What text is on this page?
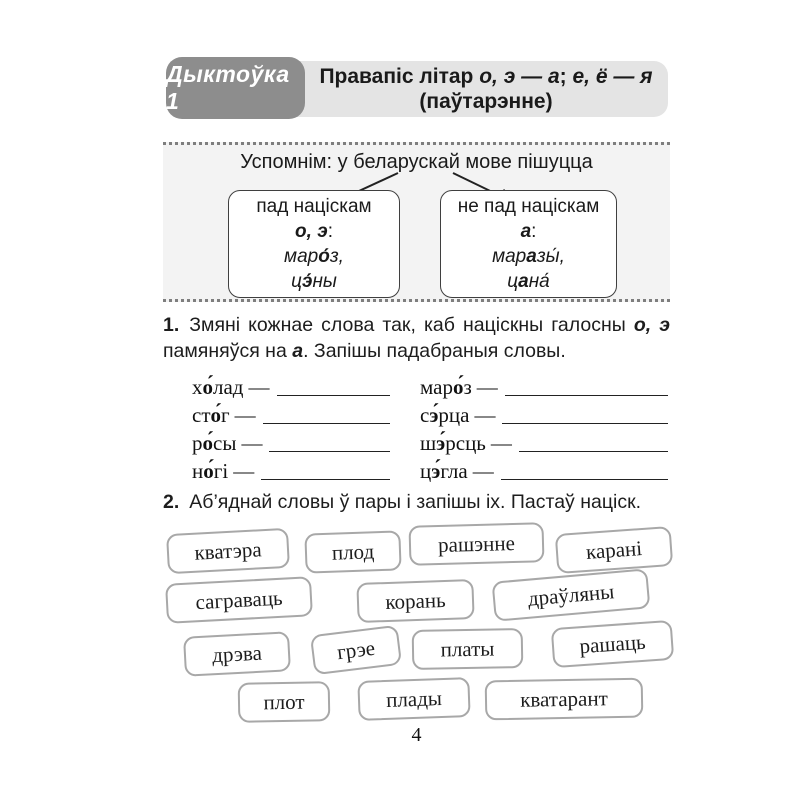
Правапіс літар о, э — а; е, ё — я
(паўтарэнне)
Дыктоўка 1
Успомнім: у беларускай мове пішуцца
пад націскам
о, э:
маро́з,
цэ́ны
не пад націскам
а:
маразы́,
цана́

1. Змяні кожнае слова так, каб націскны галосны о, э памяняўся на а. Запішы падабраныя словы.

хо́лад —
сто́г —
ро́сы —
но́гі —
маро́з —
сэ́рца —
шэ́рсць —
цэ́гла —

2. Аб’яднай словы ў пары і запішы іх. Пастаў націск.

кватэра	плод	рашэнне	карані
саграваць	корань	драўляны
дрэва	грэе	платы	рашаць
плот	плады	кватарант
4
